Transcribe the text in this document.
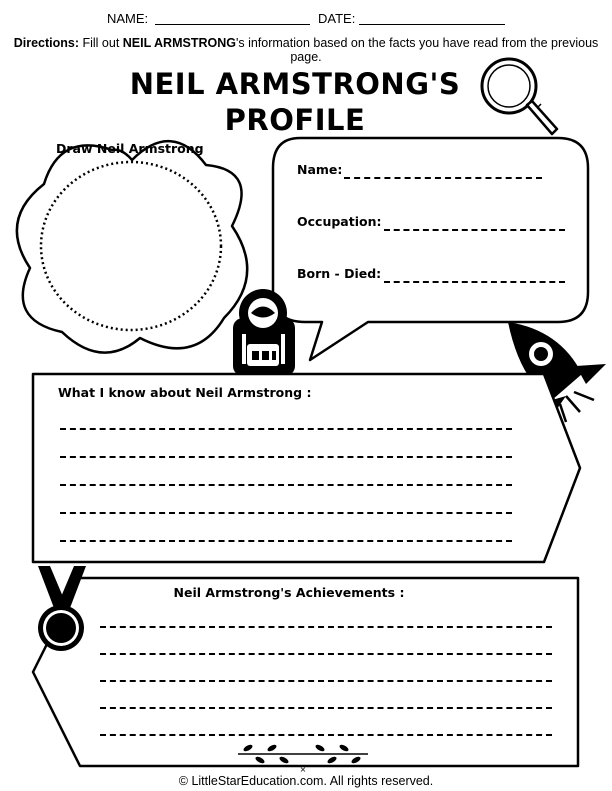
NAME:	DATE:
Directions: Fill out NEIL ARMSTRONG's information based on the facts you have read from the previous page.
NEIL ARMSTRONG'S
PROFILE
×
Draw Neil Armstrong
Name:
Occupation:
Born - Died:
What I know about Neil Armstrong :
Neil Armstrong's Achievements :
© LittleStarEducation.com. All rights reserved.
